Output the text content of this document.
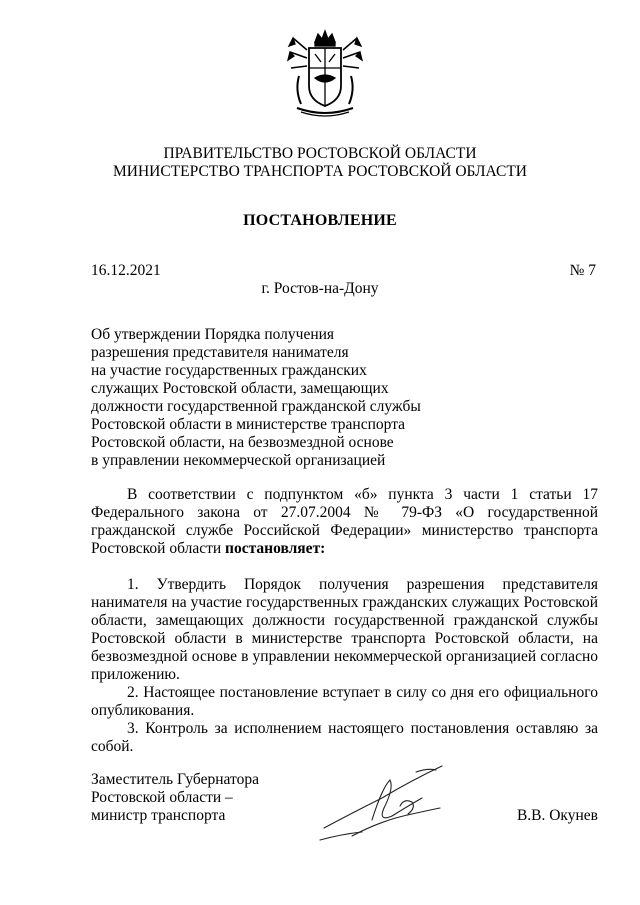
ПРАВИТЕЛЬСТВО РОСТОВСКОЙ ОБЛАСТИ
МИНИСТЕРСТВО ТРАНСПОРТА РОСТОВСКОЙ ОБЛАСТИ
ПОСТАНОВЛЕНИЕ
16.12.2021	№ 7
г. Ростов-на-Дону
Об утверждении Порядка получения
разрешения представителя нанимателя
на участие государственных гражданских
служащих Ростовской области, замещающих
должности государственной гражданской службы
Ростовской области в министерстве транспорта
Ростовской области, на безвозмездной основе
в управлении некоммерческой организацией

В соответствии с подпунктом «б» пункта 3 части 1 статьи 17 Федерального закона от 27.07.2004 № 79-ФЗ «О государственной гражданской службе Российской Федерации» министерство транспорта Ростовской области постановляет:

1. Утвердить Порядок получения разрешения представителя нанимателя на участие государственных гражданских служащих Ростовской области, замещающих должности государственной гражданской службы Ростовской области в министерстве транспорта Ростовской области, на безвозмездной основе в управлении некоммерческой организацией согласно приложению.

2. Настоящее постановление вступает в силу со дня его официального опубликования.

3. Контроль за исполнением настоящего постановления оставляю за собой.

Заместитель Губернатора
Ростовской области –
министр транспорта	В.В. Окунев
